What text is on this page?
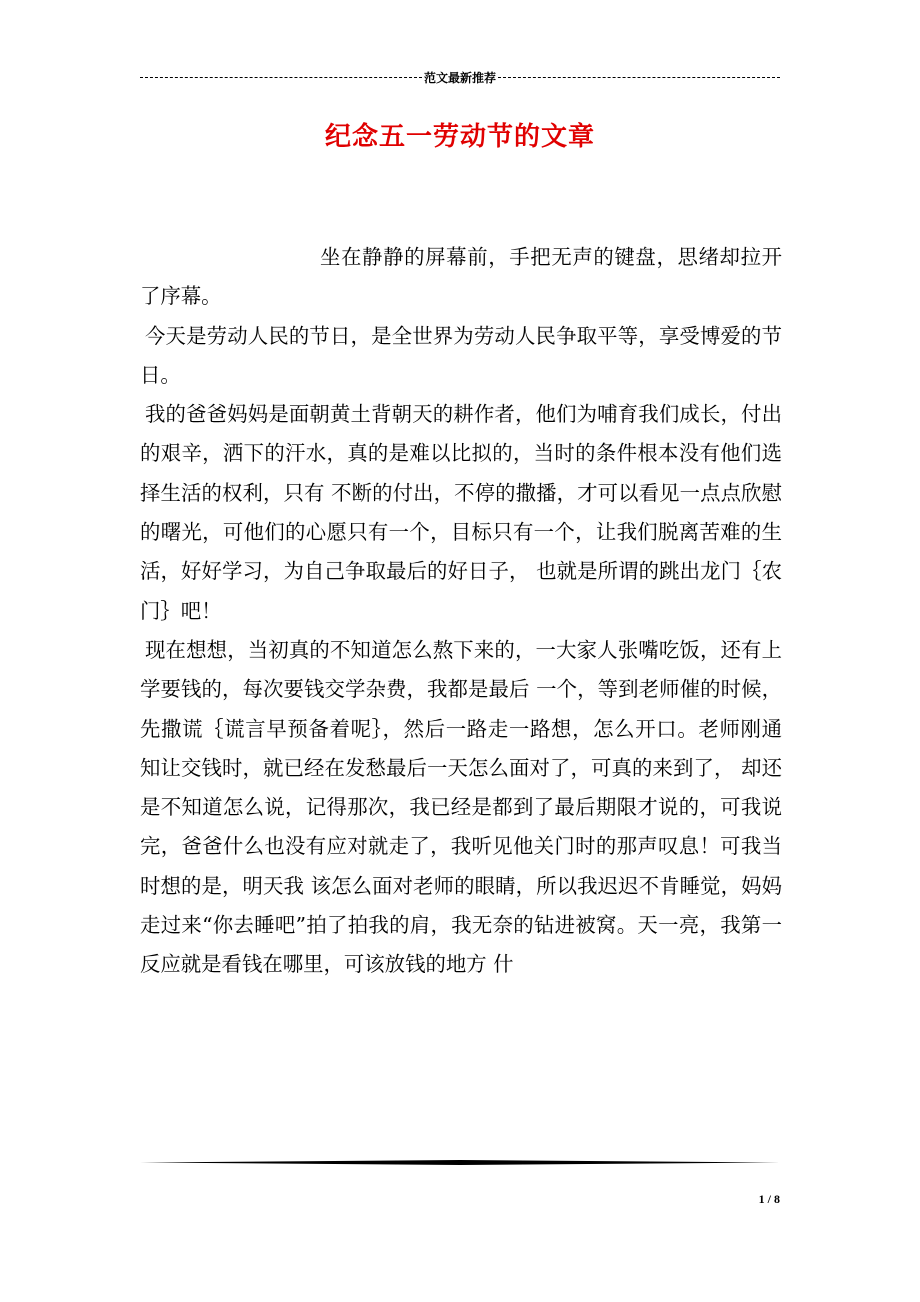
范文最新推荐
纪念五一劳动节的文章

坐在静静的屏幕前，手把无声的键盘，思绪却拉开了序幕。

今天是劳动人民的节日，是全世界为劳动人民争取平等，享受博爱的节日。

我的爸爸妈妈是面朝黄土背朝天的耕作者，他们为哺育我们成长，付出的艰辛，洒下的汗水，真的是难以比拟的，当时的条件根本没有他们选择生活的权利，只有 不断的付出，不停的撒播，才可以看见一点点欣慰的曙光，可他们的心愿只有一个，目标只有一个，让我们脱离苦难的生活，好好学习，为自己争取最后的好日子， 也就是所谓的跳出龙门｛农门｝吧！

现在想想，当初真的不知道怎么熬下来的，一大家人张嘴吃饭，还有上学要钱的，每次要钱交学杂费，我都是最后 一个，等到老师催的时候，先撒谎｛谎言早预备着呢｝，然后一路走一路想，怎么开口。老师刚通知让交钱时，就已经在发愁最后一天怎么面对了，可真的来到了， 却还是不知道怎么说，记得那次，我已经是都到了最后期限才说的，可我说完，爸爸什么也没有应对就走了，我听见他关门时的那声叹息！可我当时想的是，明天我 该怎么面对老师的眼睛，所以我迟迟不肯睡觉，妈妈走过来“你去睡吧”拍了拍我的肩，我无奈的钻进被窝。天一亮，我第一反应就是看钱在哪里，可该放钱的地方 什

1 / 8
